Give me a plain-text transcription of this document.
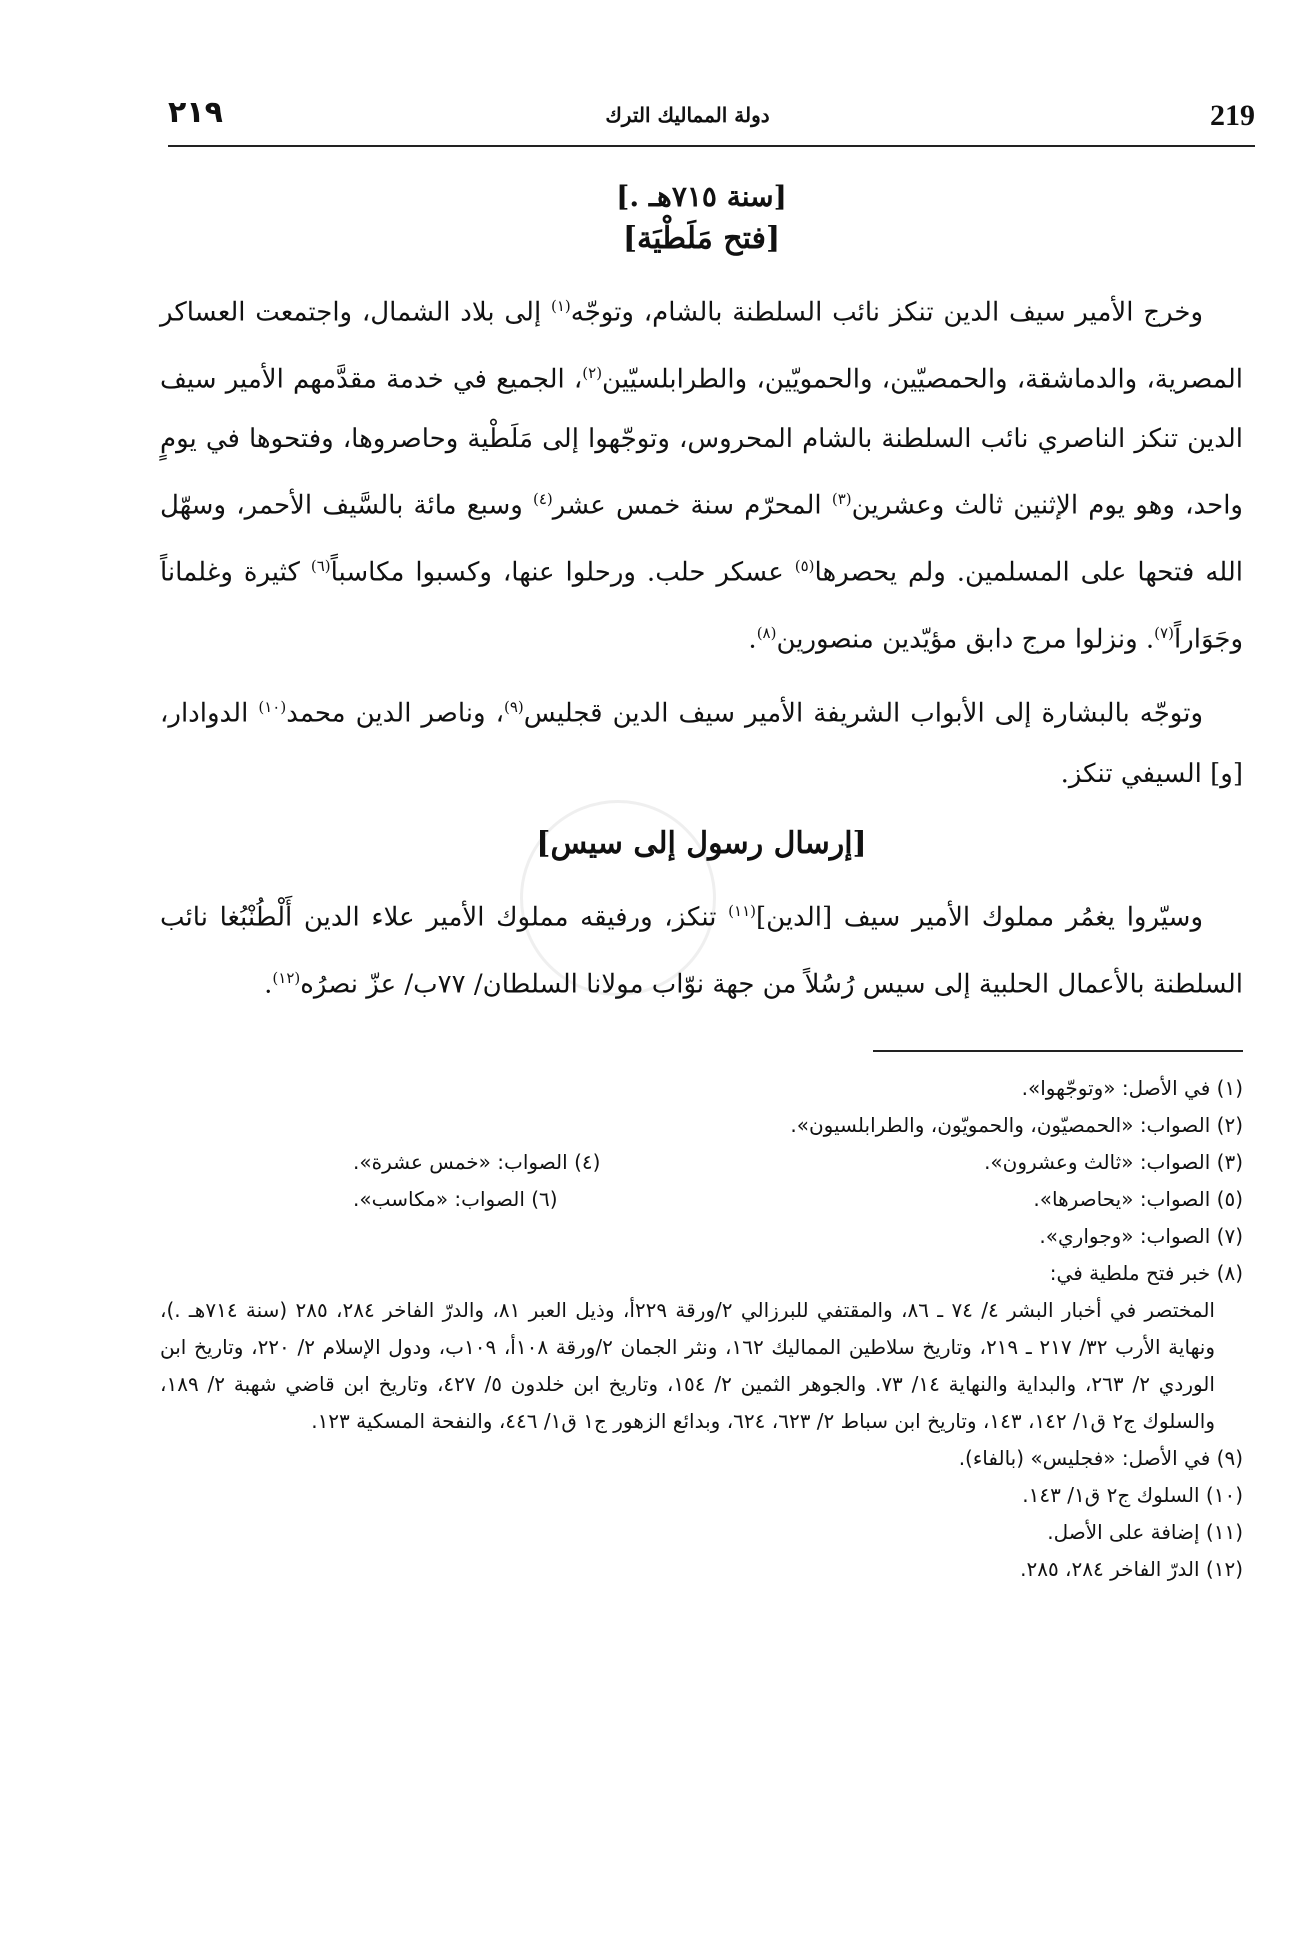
٢١٩	دولة المماليك الترك	219
[سنة ٧١٥هـ .]
[فتح مَلَطْيَة]

وخرج الأمير سيف الدين تنكز نائب السلطنة بالشام، وتوجّه$^{(١)}$ إلى بلاد الشمال، واجتمعت العساكر المصرية، والدماشقة، والحمصيّين، والحمويّين، والطرابلسيّين$^{(٢)}$، الجميع في خدمة مقدَّمهم الأمير سيف الدين تنكز الناصري نائب السلطنة بالشام المحروس، وتوجّهوا إلى مَلَطْية وحاصروها، وفتحوها في يومٍ واحد، وهو يوم الإثنين ثالث وعشرين$^{(٣)}$ المحرّم سنة خمس عشر$^{(٤)}$ وسبع مائة بالسَّيف الأحمر، وسهّل الله فتحها على المسلمين. ولم يحصرها$^{(٥)}$ عسكر حلب. ورحلوا عنها، وكسبوا مكاسباً$^{(٦)}$ كثيرة وغلماناً وجَوَاراً$^{(٧)}$. ونزلوا مرج دابق مؤيّدين منصورين$^{(٨)}$.

وتوجّه بالبشارة إلى الأبواب الشريفة الأمير سيف الدين قجليس$^{(٩)}$، وناصر الدين محمد$^{(١٠)}$ الدوادار، [و] السيفي تنكز.

[إرسال رسول إلى سيس]

وسيّروا يغمُر مملوك الأمير سيف [الدين]$^{(١١)}$ تنكز، ورفيقه مملوك الأمير علاء الدين أَلْطُنْبُغا نائب السلطنة بالأعمال الحلبية إلى سيس رُسُلاً من جهة نوّاب مولانا السلطان/ ٧٧ب/ عزّ نصرُه$^{(١٢)}$.

(١) في الأصل: «وتوجّهوا».

(٢) الصواب: «الحمصيّون، والحمويّون، والطرابلسيون».

(٣) الصواب: «ثالث وعشرون».
(٤) الصواب: «خمس عشرة».
(٥) الصواب: «يحاصرها».
(٦) الصواب: «مكاسب».

(٧) الصواب: «وجواري».

(٨) خبر فتح ملطية في:

المختصر في أخبار البشر ٤/ ٧٤ ـ ٨٦، والمقتفي للبرزالي ٢/ورقة ٢٢٩أ، وذيل العبر ٨١، والدرّ الفاخر ٢٨٤، ٢٨٥ (سنة ٧١٤هـ .)، ونهاية الأرب ٣٢/ ٢١٧ ـ ٢١٩، وتاريخ سلاطين المماليك ١٦٢، ونثر الجمان ٢/ورقة ١٠٨أ، ١٠٩ب، ودول الإسلام ٢/ ٢٢٠، وتاريخ ابن الوردي ٢/ ٢٦٣، والبداية والنهاية ١٤/ ٧٣. والجوهر الثمين ٢/ ١٥٤، وتاريخ ابن خلدون ٥/ ٤٢٧، وتاريخ ابن قاضي شهبة ٢/ ١٨٩، والسلوك ج٢ ق١/ ١٤٢، ١٤٣، وتاريخ ابن سباط ٢/ ٦٢٣، ٦٢٤، وبدائع الزهور ج١ ق١/ ٤٤٦، والنفحة المسكية ١٢٣.

(٩) في الأصل: «فجليس» (بالفاء).

(١٠) السلوك ج٢ ق١/ ١٤٣.

(١١) إضافة على الأصل.

(١٢) الدرّ الفاخر ٢٨٤، ٢٨٥.
